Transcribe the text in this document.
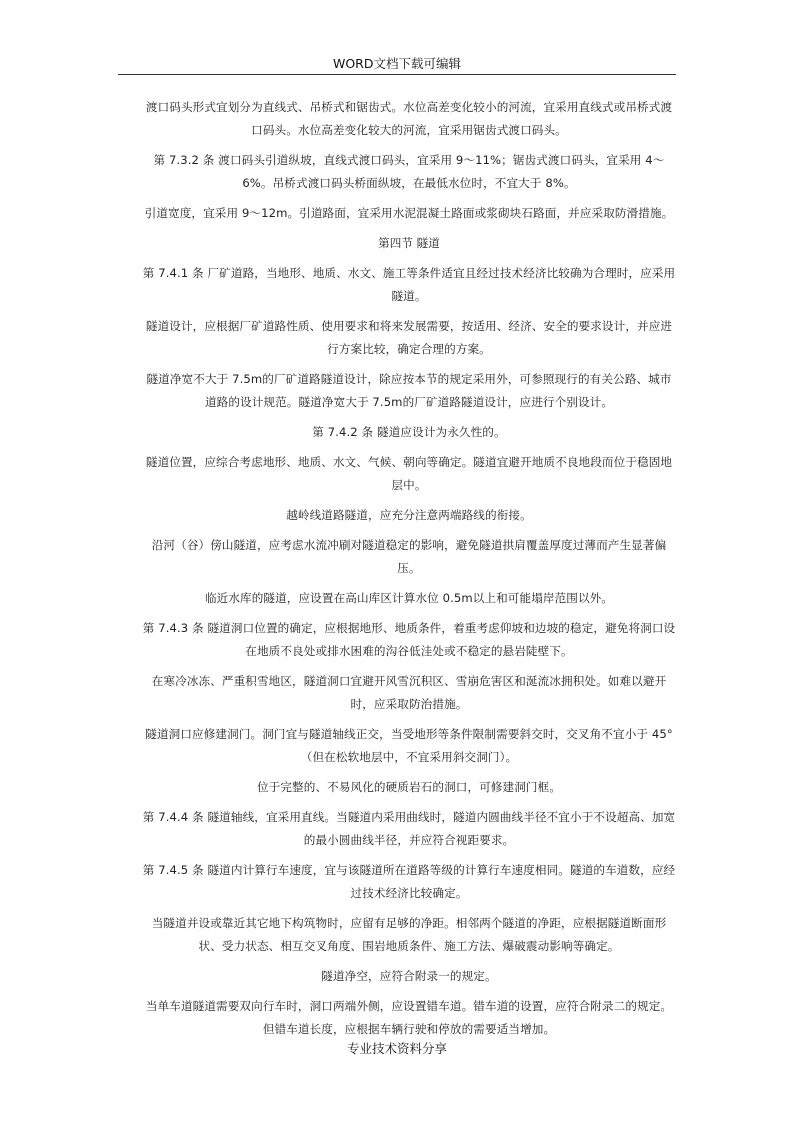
WORD文档下载可编辑

渡口码头形式宜划分为直线式、吊桥式和锯齿式。水位高差变化较小的河流，宜采用直线式或吊桥式渡口码头。水位高差变化较大的河流，宜采用锯齿式渡口码头。

第 7.3.2 条 渡口码头引道纵坡，直线式渡口码头，宜采用 9～11%；锯齿式渡口码头，宜采用 4～6%。吊桥式渡口码头桥面纵坡，在最低水位时，不宜大于 8%。

引道宽度，宜采用 9～12m。引道路面，宜采用水泥混凝土路面或浆砌块石路面，并应采取防滑措施。

第四节 隧道

第 7.4.1 条 厂矿道路，当地形、地质、水文、施工等条件适宜且经过技术经济比较确为合理时，应采用隧道。

隧道设计，应根据厂矿道路性质、使用要求和将来发展需要，按适用、经济、安全的要求设计，并应进行方案比较，确定合理的方案。

隧道净宽不大于 7.5m的厂矿道路隧道设计，除应按本节的规定采用外，可参照现行的有关公路、城市道路的设计规范。隧道净宽大于 7.5m的厂矿道路隧道设计，应进行个别设计。

第 7.4.2 条 隧道应设计为永久性的。

隧道位置，应综合考虑地形、地质、水文、气候、朝向等确定。隧道宜避开地质不良地段而位于稳固地层中。

越岭线道路隧道，应充分注意两端路线的衔接。

沿河（谷）傍山隧道，应考虑水流冲刷对隧道稳定的影响，避免隧道拱肩覆盖厚度过薄而产生显著偏压。

临近水库的隧道，应设置在高山库区计算水位 0.5m以上和可能塌岸范围以外。

第 7.4.3 条 隧道洞口位置的确定，应根据地形、地质条件，着重考虑仰坡和边坡的稳定，避免将洞口设在地质不良处或排水困难的沟谷低洼处或不稳定的悬岩陡壁下。

在寒冷冰冻、严重积雪地区，隧道洞口宜避开风雪沉积区、雪崩危害区和涎流冰拥积处。如难以避开时，应采取防治措施。

隧道洞口应修建洞门。洞门宜与隧道轴线正交，当受地形等条件限制需要斜交时，交叉角不宜小于 45°（但在松软地层中，不宜采用斜交洞门）。

位于完整的、不易风化的硬质岩石的洞口，可修建洞门框。

第 7.4.4 条 隧道轴线，宜采用直线。当隧道内采用曲线时，隧道内圆曲线半径不宜小于不设超高、加宽的最小圆曲线半径，并应符合视距要求。

第 7.4.5 条 隧道内计算行车速度，宜与该隧道所在道路等级的计算行车速度相同。隧道的车道数，应经过技术经济比较确定。

当隧道并设或靠近其它地下构筑物时，应留有足够的净距。相邻两个隧道的净距，应根据隧道断面形状、受力状态、相互交叉角度、围岩地质条件、施工方法、爆破震动影响等确定。

隧道净空，应符合附录一的规定。

当单车道隧道需要双向行车时，洞口两端外侧，应设置错车道。错车道的设置，应符合附录二的规定。但错车道长度，应根据车辆行驶和停放的需要适当增加。

专业技术资料分享
